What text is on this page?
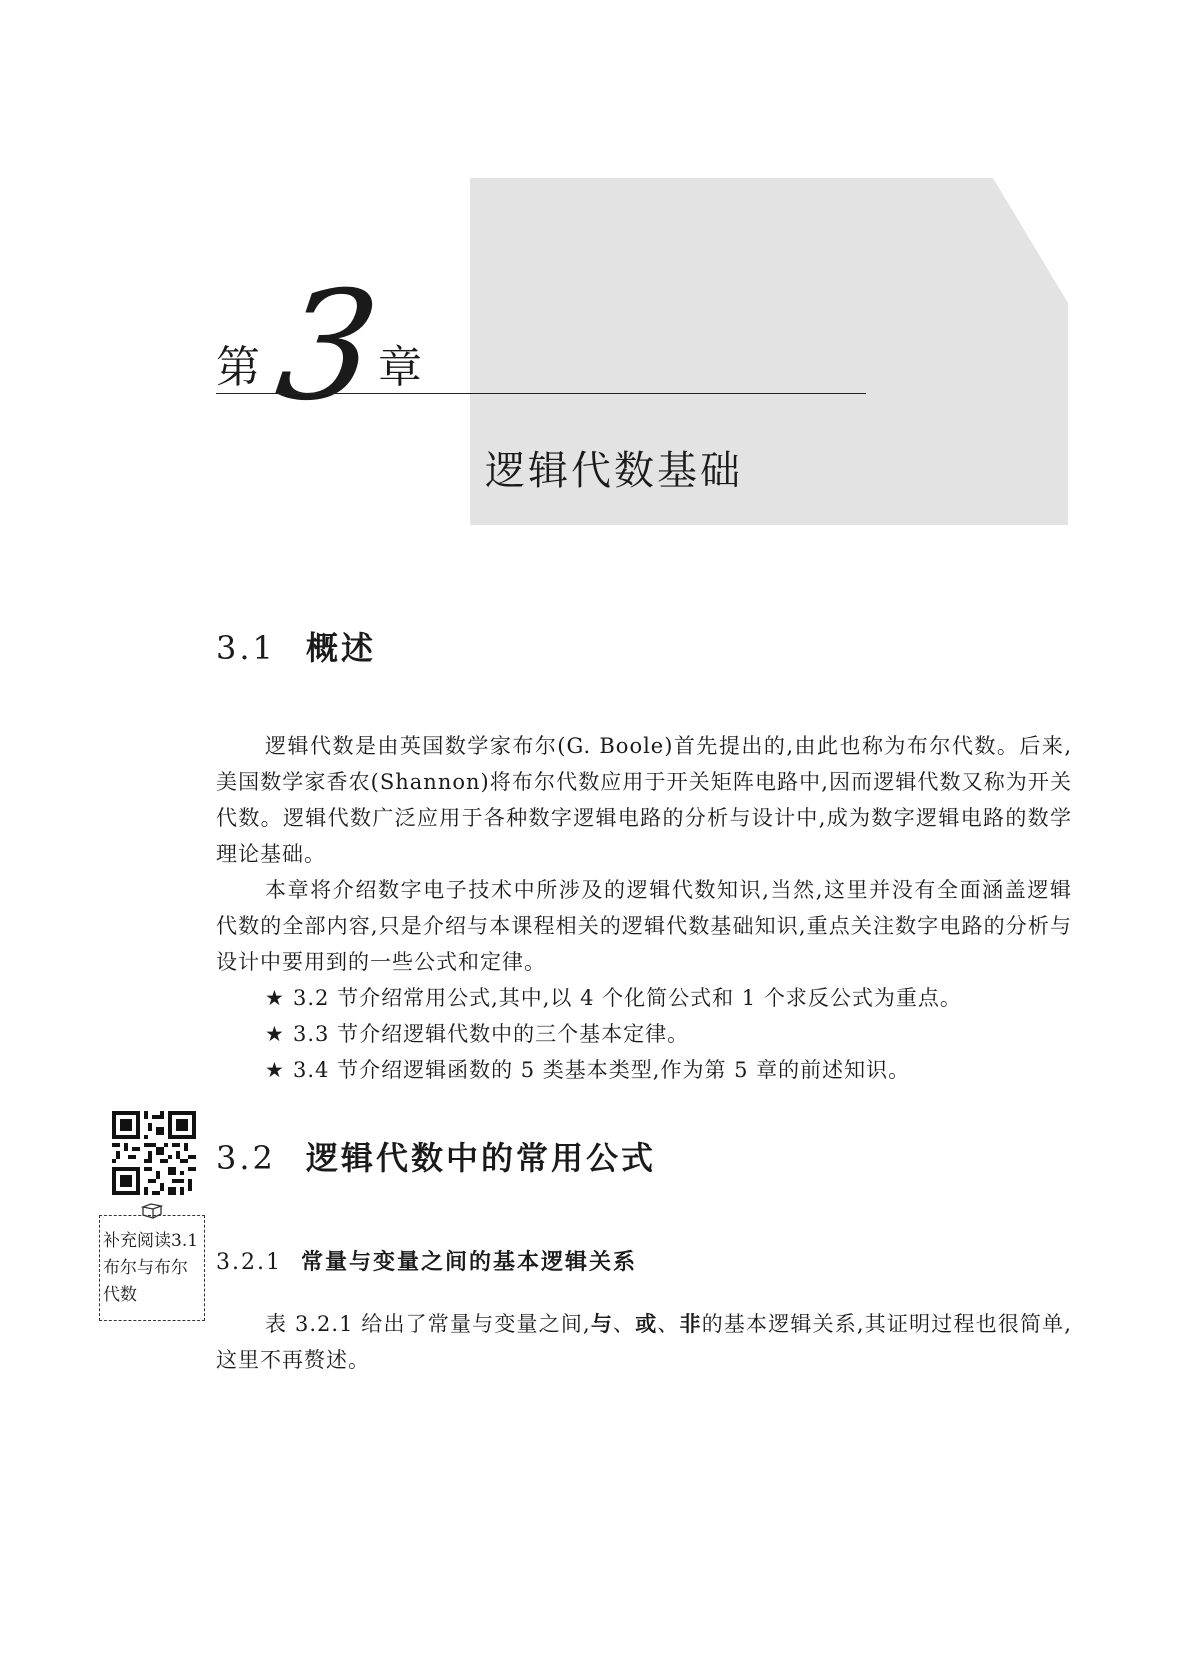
第 3
章
逻辑代数基础
3.1 概述

逻辑代数是由英国数学家布尔(G. Boole)首先提出的,由此也称为布尔代数。后来,美国数学家香农(Shannon)将布尔代数应用于开关矩阵电路中,因而逻辑代数又称为开关代数。逻辑代数广泛应用于各种数字逻辑电路的分析与设计中,成为数字逻辑电路的数学理论基础。

本章将介绍数字电子技术中所涉及的逻辑代数知识,当然,这里并没有全面涵盖逻辑代数的全部内容,只是介绍与本课程相关的逻辑代数基础知识,重点关注数字电路的分析与设计中要用到的一些公式和定律。

★ 3.2 节介绍常用公式,其中,以 4 个化简公式和 1 个求反公式为重点。

★ 3.3 节介绍逻辑代数中的三个基本定律。

★ 3.4 节介绍逻辑函数的 5 类基本类型,作为第 5 章的前述知识。

补充阅读3.1
布尔与布尔
代数
3.2 逻辑代数中的常用公式
3.2.1 常量与变量之间的基本逻辑关系

表 3.2.1 给出了常量与变量之间,与、或、非的基本逻辑关系,其证明过程也很简单,这里不再赘述。
